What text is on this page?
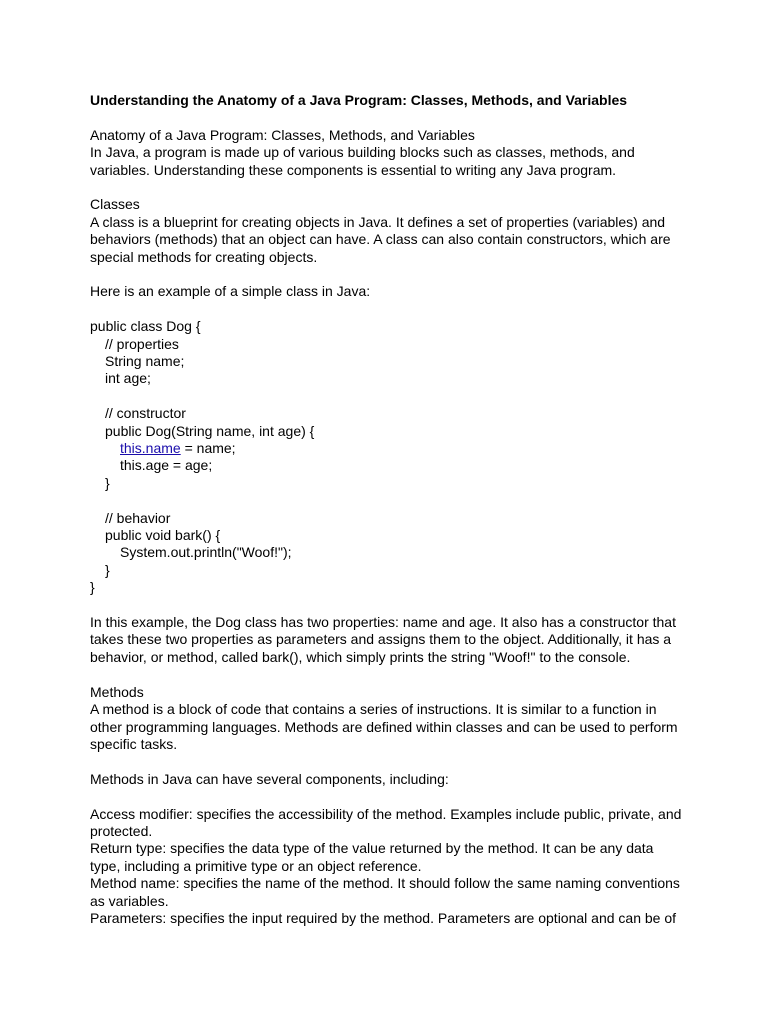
Understanding the Anatomy of a Java Program: Classes, Methods, and Variables
Anatomy of a Java Program: Classes, Methods, and Variables
In Java, a program is made up of various building blocks such as classes, methods, and
variables. Understanding these components is essential to writing any Java program.
Classes
A class is a blueprint for creating objects in Java. It defines a set of properties (variables) and
behaviors (methods) that an object can have. A class can also contain constructors, which are
special methods for creating objects.
Here is an example of a simple class in Java:
public class Dog {
// properties
String name;
int age;
// constructor
public Dog(String name, int age) {
this.name = name;
this.age = age;
}
// behavior
public void bark() {
System.out.println("Woof!");
}
}
In this example, the Dog class has two properties: name and age. It also has a constructor that
takes these two properties as parameters and assigns them to the object. Additionally, it has a
behavior, or method, called bark(), which simply prints the string "Woof!" to the console.
Methods
A method is a block of code that contains a series of instructions. It is similar to a function in
other programming languages. Methods are defined within classes and can be used to perform
specific tasks.
Methods in Java can have several components, including:
Access modifier: specifies the accessibility of the method. Examples include public, private, and
protected.
Return type: specifies the data type of the value returned by the method. It can be any data
type, including a primitive type or an object reference.
Method name: specifies the name of the method. It should follow the same naming conventions
as variables.
Parameters: specifies the input required by the method. Parameters are optional and can be of
